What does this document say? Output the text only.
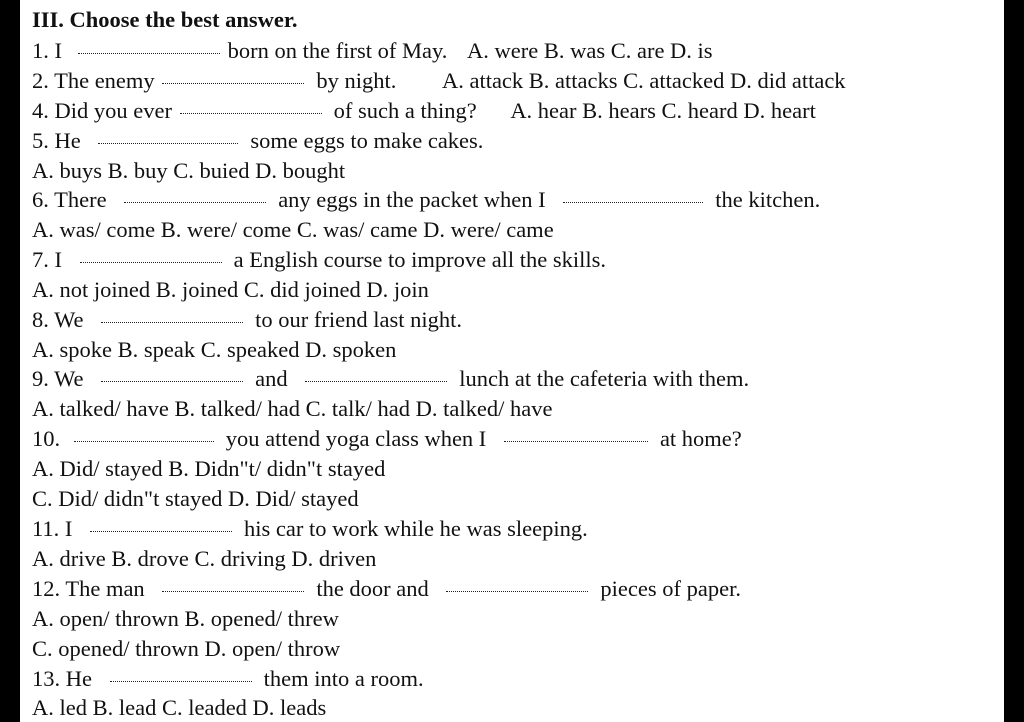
III. Choose the best answer.
1. I	born on the first of May. A. were B. was C. are D. is
2. The enemy	by night. A. attack B. attacks C. attacked D. did attack
4. Did you ever	of such a thing? A. hear B. hears C. heard D. heart
5. He	some eggs to make cakes.
A. buys B. buy C. buied D. bought
6. There	any eggs in the packet when I	the kitchen.
A. was/ come B. were/ come C. was/ came D. were/ came
7. I	a English course to improve all the skills.
A. not joined B. joined C. did joined D. join
8. We	to our friend last night.
A. spoke B. speak C. speaked D. spoken
9. We	and	lunch at the cafeteria with them.
A. talked/ have B. talked/ had C. talk/ had D. talked/ have
10.	you attend yoga class when I	at home?
A. Did/ stayed B. Didn"t/ didn"t stayed
C. Did/ didn"t stayed D. Did/ stayed
11. I	his car to work while he was sleeping.
A. drive B. drove C. driving D. driven
12. The man	the door and	pieces of paper.
A. open/ thrown B. opened/ threw
C. opened/ thrown D. open/ throw
13. He	them into a room.
A. led B. lead C. leaded D. leads
